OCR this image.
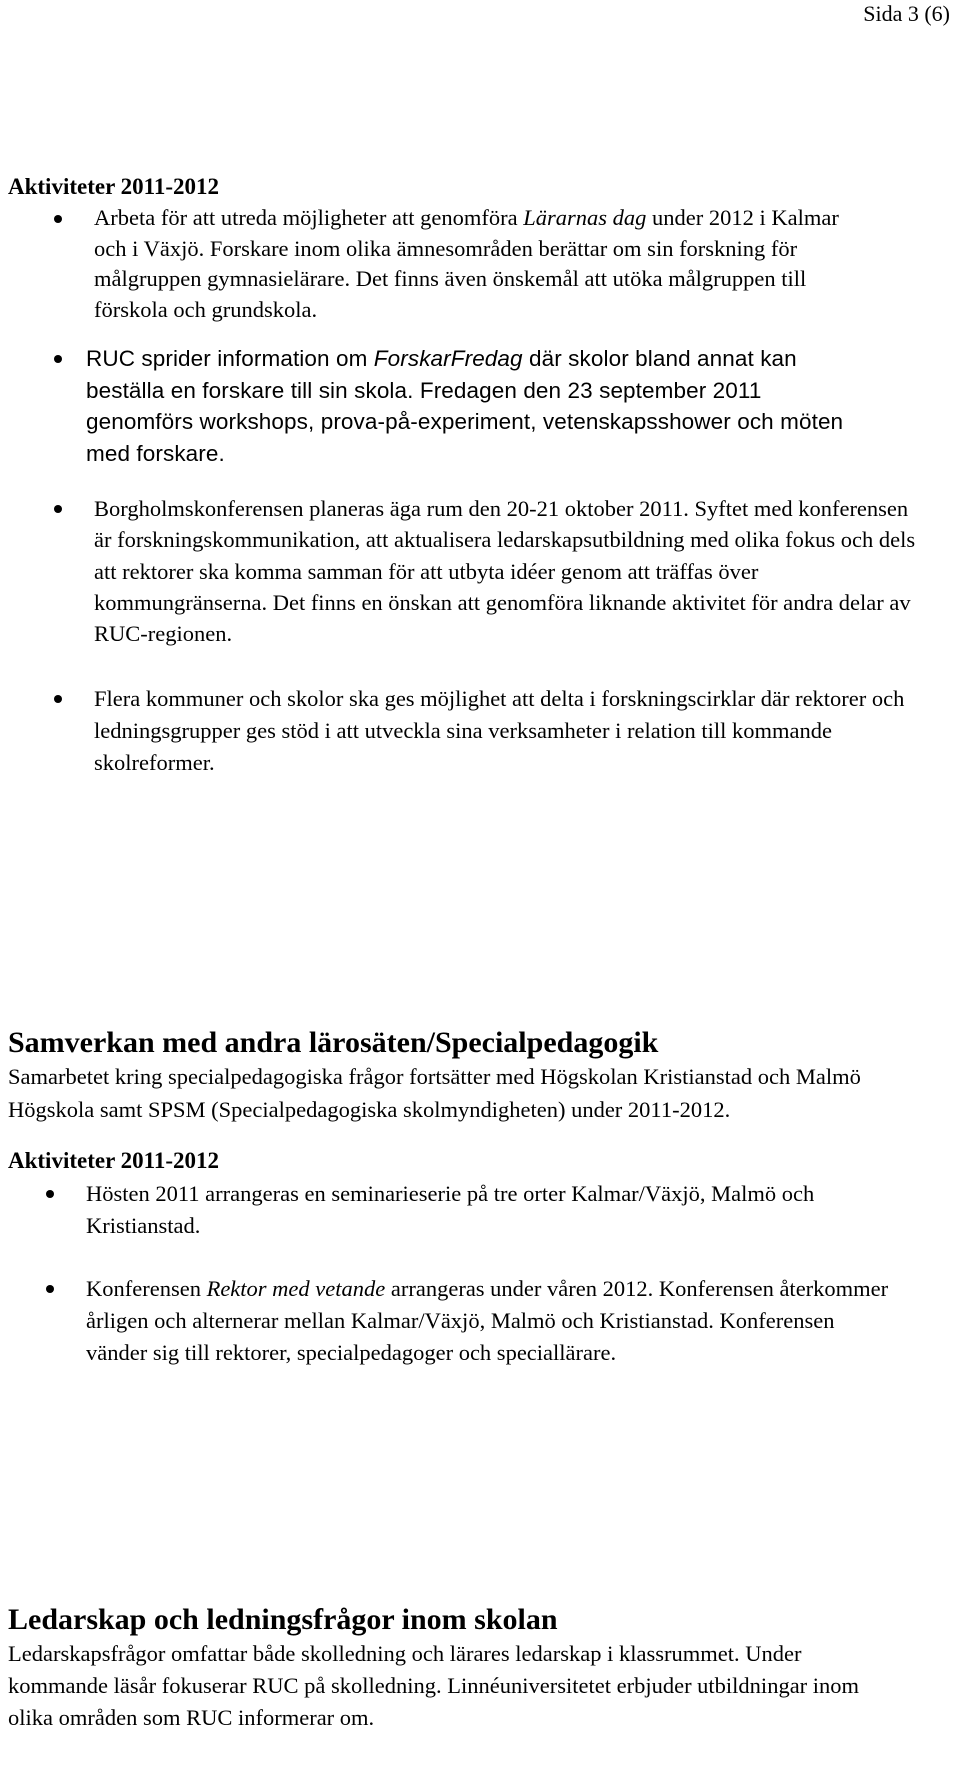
Sida 3 (6)
Aktiviteter 2011-2012
Arbeta för att utreda möjligheter att genomföra Lärarnas dag under 2012 i Kalmar och i Växjö. Forskare inom olika ämnesområden berättar om sin forskning för målgruppen gymnasielärare. Det finns även önskemål att utöka målgruppen till förskola och grundskola.
RUC sprider information om ForskarFredag där skolor bland annat kan beställa en forskare till sin skola. Fredagen den 23 september 2011 genomförs workshops, prova-på-experiment, vetenskapsshower och möten med forskare.
Borgholmskonferensen planeras äga rum den 20-21 oktober 2011. Syftet med konferensen är forskningskommunikation, att aktualisera ledarskapsutbildning med olika fokus och dels att rektorer ska komma samman för att utbyta idéer genom att träffas över kommungränserna. Det finns en önskan att genomföra liknande aktivitet för andra delar av RUC-regionen.
Flera kommuner och skolor ska ges möjlighet att delta i forskningscirklar där rektorer och ledningsgrupper ges stöd i att utveckla sina verksamheter i relation till kommande skolreformer.
Samverkan med andra lärosäten/Specialpedagogik

Samarbetet kring specialpedagogiska frågor fortsätter med Högskolan Kristianstad och Malmö Högskola samt SPSM (Specialpedagogiska skolmyndigheten) under 2011-2012.

Aktiviteter 2011-2012
Hösten 2011 arrangeras en seminarieserie på tre orter Kalmar/Växjö, Malmö och Kristianstad.
Konferensen Rektor med vetande arrangeras under våren 2012. Konferensen återkommer årligen och alternerar mellan Kalmar/Växjö, Malmö och Kristianstad. Konferensen vänder sig till rektorer, specialpedagoger och speciallärare.
Ledarskap och ledningsfrågor inom skolan

Ledarskapsfrågor omfattar både skolledning och lärares ledarskap i klassrummet. Under kommande läsår fokuserar RUC på skolledning. Linnéuniversitetet erbjuder utbildningar inom olika områden som RUC informerar om.
